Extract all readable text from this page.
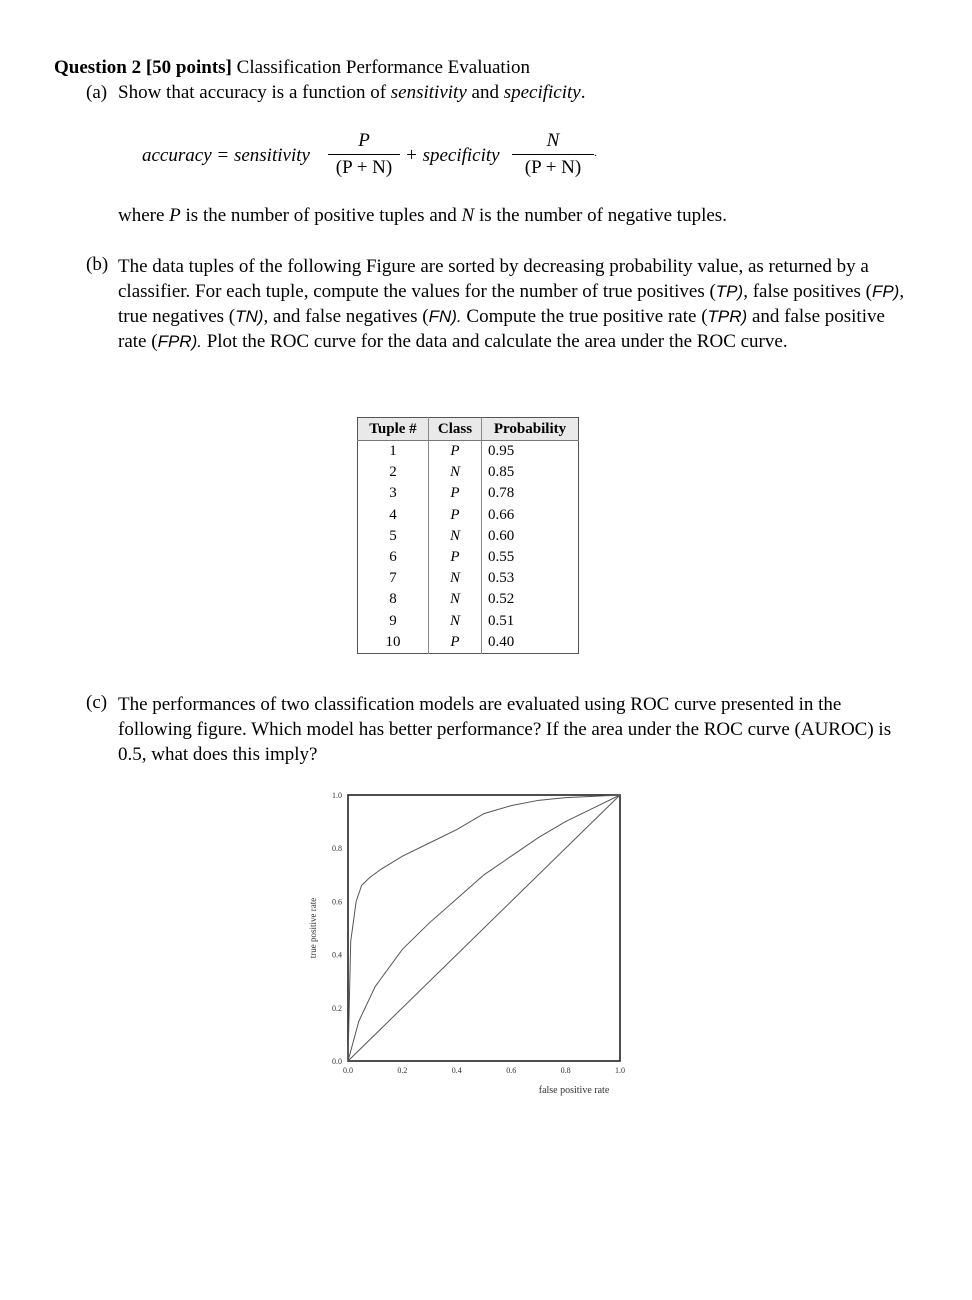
Question 2 [50 points] Classification Performance Evaluation
(a) Show that accuracy is a function of sensitivity and specificity.
accuracy = sensitivity
P
(P + N)
+ specificity
N
(P + N)
.
where P is the number of positive tuples and N is the number of negative tuples.
(b) The data tuples of the following Figure are sorted by decreasing probability value, as returned by a classifier. For each tuple, compute the values for the number of true positives (TP), false positives (FP), true negatives (TN), and false negatives (FN). Compute the true positive rate (TPR) and false positive rate (FPR). Plot the ROC curve for the data and calculate the area under the ROC curve.
Tuple #	Class	Probability
1	P	0.95
2	N	0.85
3	P	0.78
4	P	0.66
5	N	0.60
6	P	0.55
7	N	0.53
8	N	0.52
9	N	0.51
10	P	0.40
(c) The performances of two classification models are evaluated using ROC curve presented in the following figure. Which model has better performance? If the area under the ROC curve (AUROC) is 0.5, what does this imply?
0.0	0.2	0.4	0.6	0.8	1.0
0.0
0.2
0.4
0.6
0.8
1.0
false positive rate
true positive rate
